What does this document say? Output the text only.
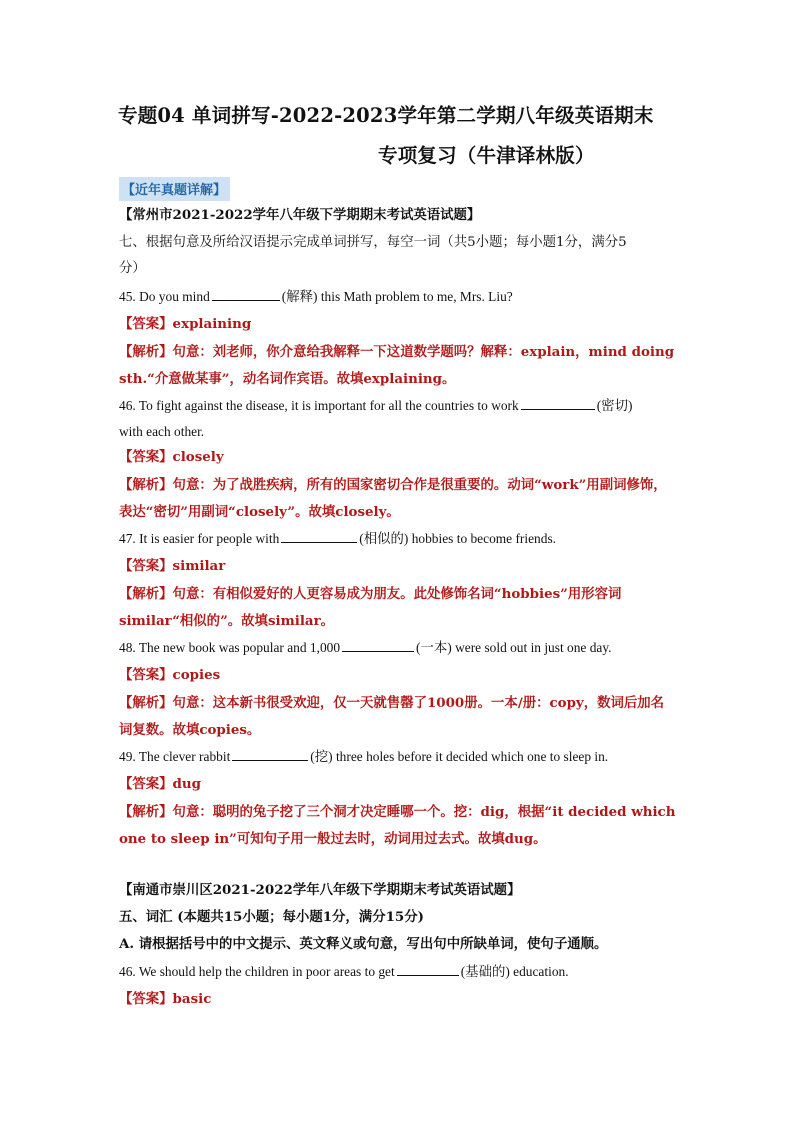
专题04 单词拼写-2022-2023学年第二学期八年级英语期末
专项复习（牛津译林版）
【近年真题详解】
【常州市2021-2022学年八年级下学期期末考试英语试题】
七、根据句意及所给汉语提示完成单词拼写，每空一词（共5小题；每小题1分，满分5
分）
45. Do you mind	(解释) this Math problem to me, Mrs. Liu?
【答案】explaining
【解析】句意：刘老师，你介意给我解释一下这道数学题吗？解释：explain，mind doing
sth.“介意做某事”，动名词作宾语。故填explaining。
46. To fight against the disease, it is important for all the countries to work	(密切)
with each other.
【答案】closely
【解析】句意：为了战胜疾病，所有的国家密切合作是很重要的。动词“work”用副词修饰，
表达“密切”用副词“closely”。故填closely。
47. It is easier for people with	(相似的) hobbies to become friends.
【答案】similar
【解析】句意：有相似爱好的人更容易成为朋友。此处修饰名词“hobbies”用形容词
similar“相似的”。故填similar。
48. The new book was popular and 1,000	(一本) were sold out in just one day.
【答案】copies
【解析】句意：这本新书很受欢迎，仅一天就售罄了1000册。一本/册：copy，数词后加名
词复数。故填copies。
49. The clever rabbit	(挖) three holes before it decided which one to sleep in.
【答案】dug
【解析】句意：聪明的兔子挖了三个洞才决定睡哪一个。挖：dig，根据“it decided which
one to sleep in”可知句子用一般过去时，动词用过去式。故填dug。
【南通市崇川区2021-2022学年八年级下学期期末考试英语试题】
五、词汇 (本题共15小题；每小题1分，满分15分)
A. 请根据括号中的中文提示、英文释义或句意，写出句中所缺单词，使句子通顺。
46. We should help the children in poor areas to get	(基础的) education.
【答案】basic
